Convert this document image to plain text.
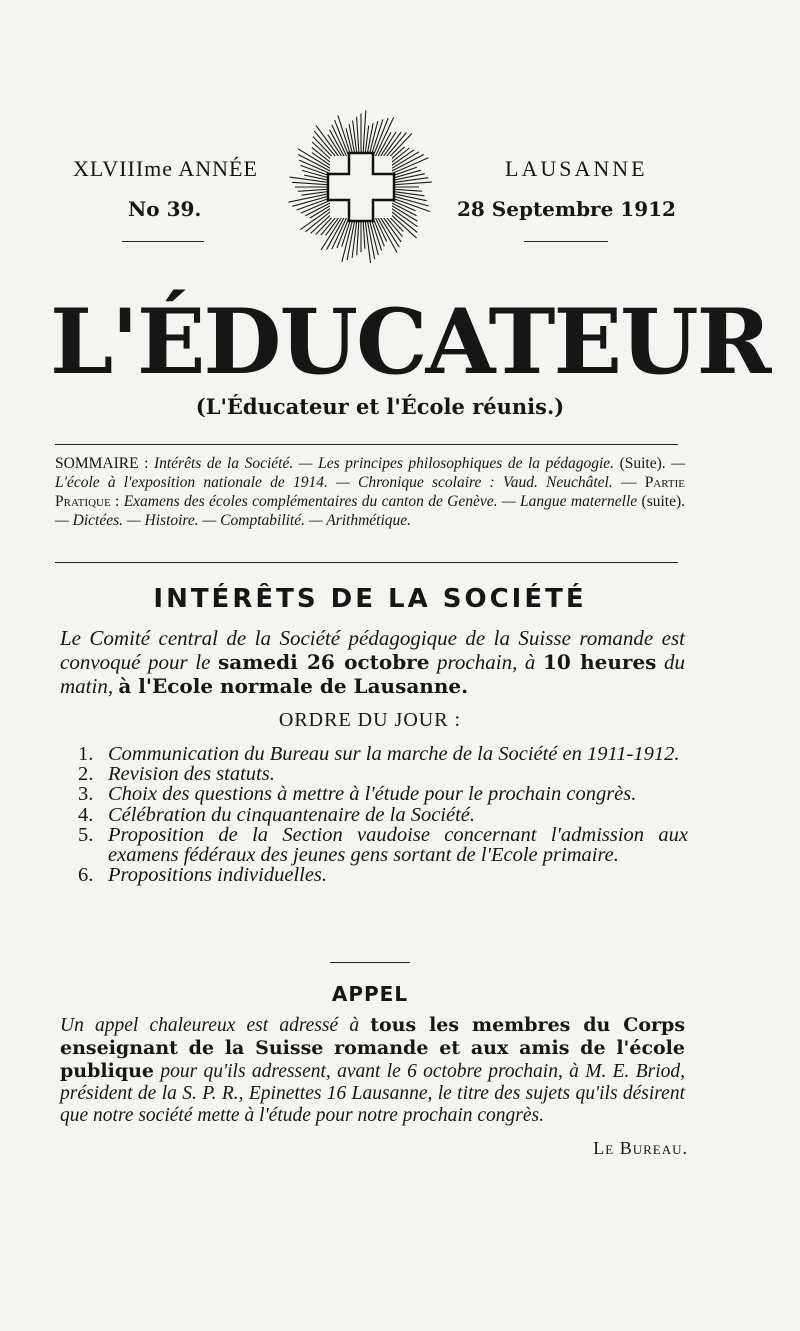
XLVIIIme ANNÉE
No 39.
LAUSANNE
28 Septembre 1912
L'ÉDUCATEUR
(L'Éducateur et l'École réunis.)
SOMMAIRE : Intérêts de la Société. — Les principes philosophiques de la pédagogie. (Suite). — L'école à l'exposition nationale de 1914. — Chronique scolaire : Vaud. Neuchâtel. — Partie Pratique : Examens des écoles complémentaires du canton de Genève. — Langue maternelle (suite). — Dictées. — Histoire. — Comptabilité. — Arithmétique.
INTÉRÊTS DE LA SOCIÉTÉ
Le Comité central de la Société pédagogique de la Suisse romande est convoqué pour le samedi 26 octobre prochain, à 10 heures du matin, à l'Ecole normale de Lausanne.
ORDRE DU JOUR :
1. Communication du Bureau sur la marche de la Société en 1911-1912.
2. Revision des statuts.
3. Choix des questions à mettre à l'étude pour le prochain congrès.
4. Célébration du cinquantenaire de la Société.
5. Proposition de la Section vaudoise concernant l'admission aux examens fédéraux des jeunes gens sortant de l'Ecole primaire.
6. Propositions individuelles.
APPEL
Un appel chaleureux est adressé à tous les membres du Corps enseignant de la Suisse romande et aux amis de l'école publique pour qu'ils adressent, avant le 6 octobre prochain, à M. E. Briod, président de la S. P. R., Epinettes 16 Lausanne, le titre des sujets qu'ils désirent que notre société mette à l'étude pour notre prochain congrès.
Le Bureau.
